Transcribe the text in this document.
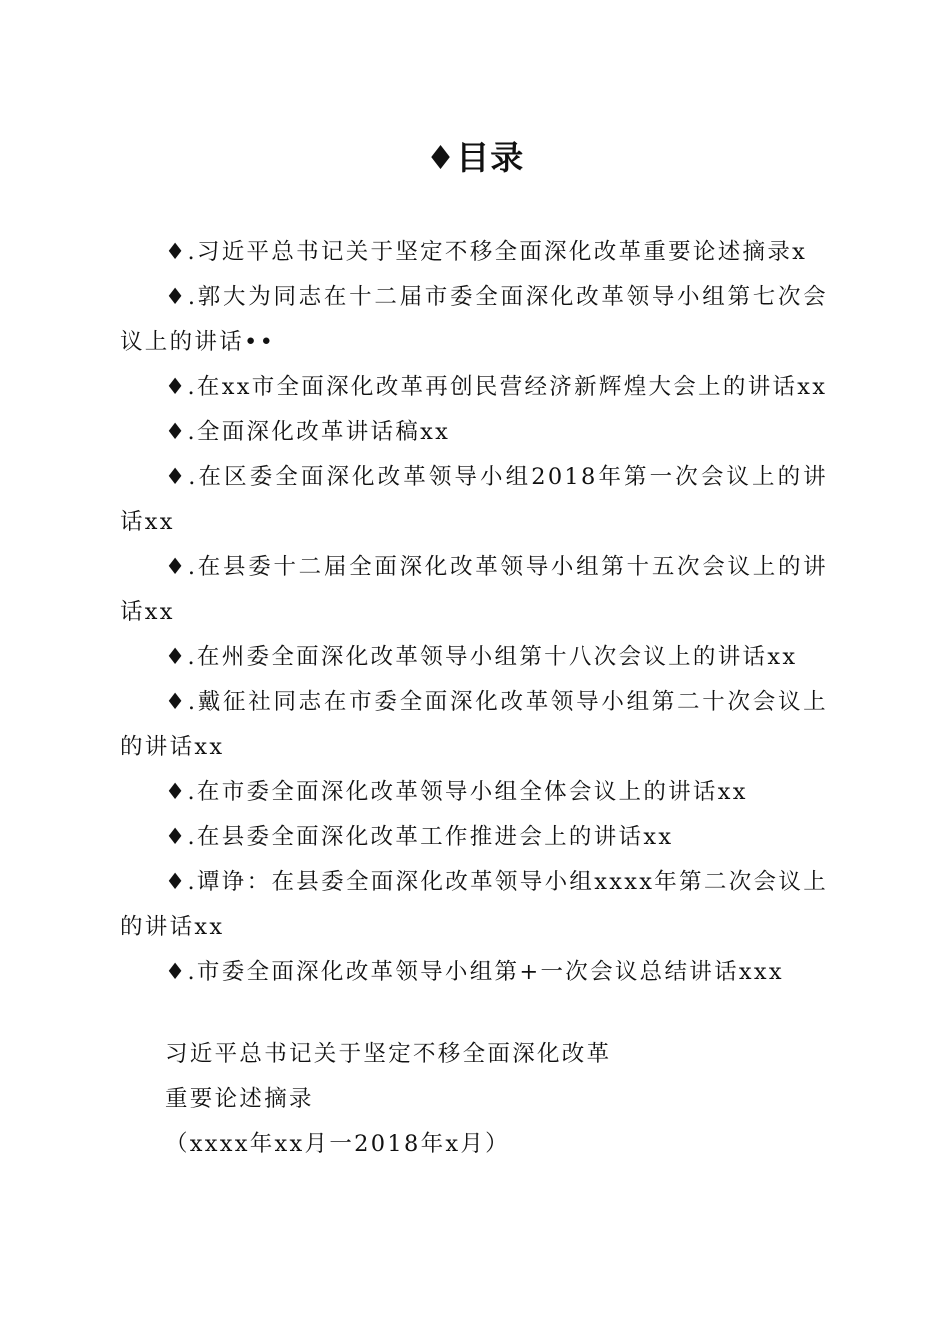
♦目录

♦.习近平总书记关于坚定不移全面深化改革重要论述摘录x

♦.郭大为同志在十二届市委全面深化改革领导小组第七次会议上的讲话••

♦.在xx市全面深化改革再创民营经济新辉煌大会上的讲话xx

♦.全面深化改革讲话稿xx

♦.在区委全面深化改革领导小组2018年第一次会议上的讲话xx

♦.在县委十二届全面深化改革领导小组第十五次会议上的讲话xx

♦.在州委全面深化改革领导小组第十八次会议上的讲话xx

♦.戴征社同志在市委全面深化改革领导小组第二十次会议上的讲话xx

♦.在市委全面深化改革领导小组全体会议上的讲话xx

♦.在县委全面深化改革工作推进会上的讲话xx

♦.谭诤：在县委全面深化改革领导小组xxxx年第二次会议上的讲话xx

♦.市委全面深化改革领导小组第+一次会议总结讲话xxx

习近平总书记关于坚定不移全面深化改革

重要论述摘录

（xxxx年xx月一2018年x月）
